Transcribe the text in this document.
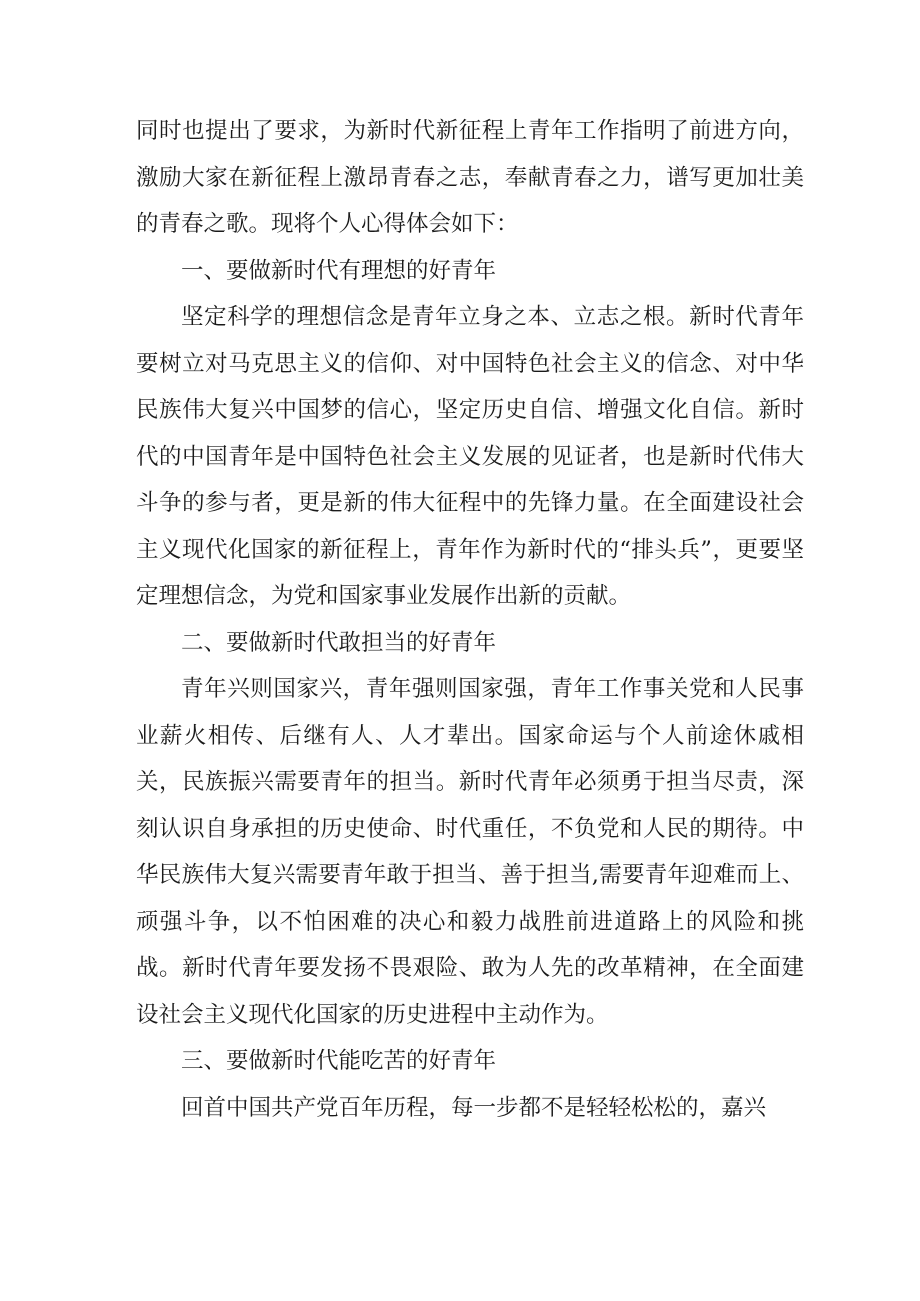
同时也提出了要求，为新时代新征程上青年工作指明了前进方向，激励大家在新征程上激昂青春之志，奉献青春之力，谱写更加壮美的青春之歌。现将个人心得体会如下：

一、要做新时代有理想的好青年

坚定科学的理想信念是青年立身之本、立志之根。新时代青年要树立对马克思主义的信仰、对中国特色社会主义的信念、对中华民族伟大复兴中国梦的信心，坚定历史自信、增强文化自信。新时代的中国青年是中国特色社会主义发展的见证者，也是新时代伟大斗争的参与者，更是新的伟大征程中的先锋力量。在全面建设社会主义现代化国家的新征程上，青年作为新时代的“排头兵”，更要坚定理想信念，为党和国家事业发展作出新的贡献。

二、要做新时代敢担当的好青年

青年兴则国家兴，青年强则国家强，青年工作事关党和人民事业薪火相传、后继有人、人才辈出。国家命运与个人前途休戚相关，民族振兴需要青年的担当。新时代青年必须勇于担当尽责，深刻认识自身承担的历史使命、时代重任，不负党和人民的期待。中华民族伟大复兴需要青年敢于担当、善于担当,需要青年迎难而上、顽强斗争，以不怕困难的决心和毅力战胜前进道路上的风险和挑战。新时代青年要发扬不畏艰险、敢为人先的改革精神，在全面建设社会主义现代化国家的历史进程中主动作为。

三、要做新时代能吃苦的好青年

回首中国共产党百年历程，每一步都不是轻轻松松的，嘉兴
